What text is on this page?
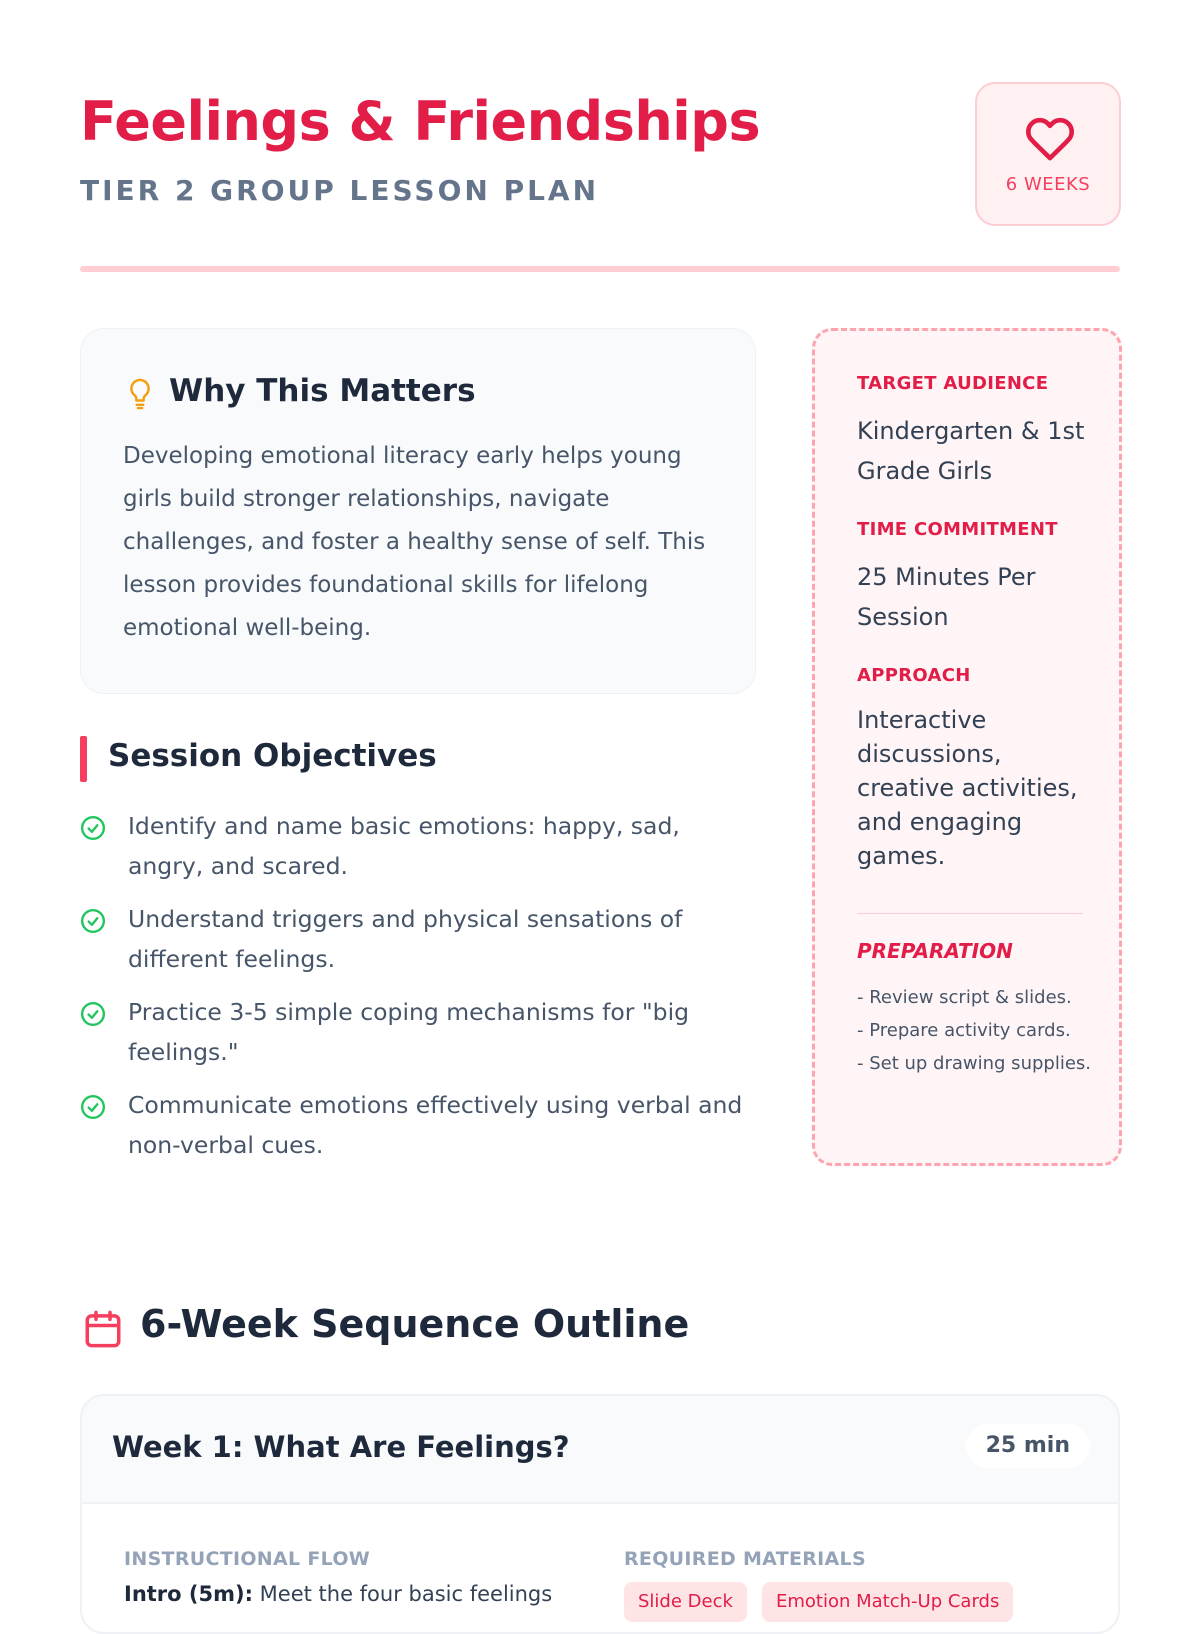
Feelings & Friendships
TIER 2 GROUP LESSON PLAN	6 WEEKS
Why This Matters

Developing emotional literacy early helps young girls build stronger relationships, navigate challenges, and foster a healthy sense of self. This lesson provides foundational skills for lifelong emotional well-being.

Session Objectives
Identify and name basic emotions: happy, sad, angry, and scared.
Understand triggers and physical sensations of different feelings.
Practice 3-5 simple coping mechanisms for "big feelings."
Communicate emotions effectively using verbal and non-verbal cues.
TARGET AUDIENCE
Kindergarten & 1st Grade Girls
TIME COMMITMENT
25 Minutes Per Session
APPROACH
Interactive discussions, creative activities, and engaging games.
PREPARATION
- Review script & slides.
- Prepare activity cards.
- Set up drawing supplies.
6-Week Sequence Outline
Week 1: What Are Feelings?	25 min
INSTRUCTIONAL FLOW
Intro (5m): Meet the four basic feelings
REQUIRED MATERIALS
Slide Deck	Emotion Match-Up Cards
